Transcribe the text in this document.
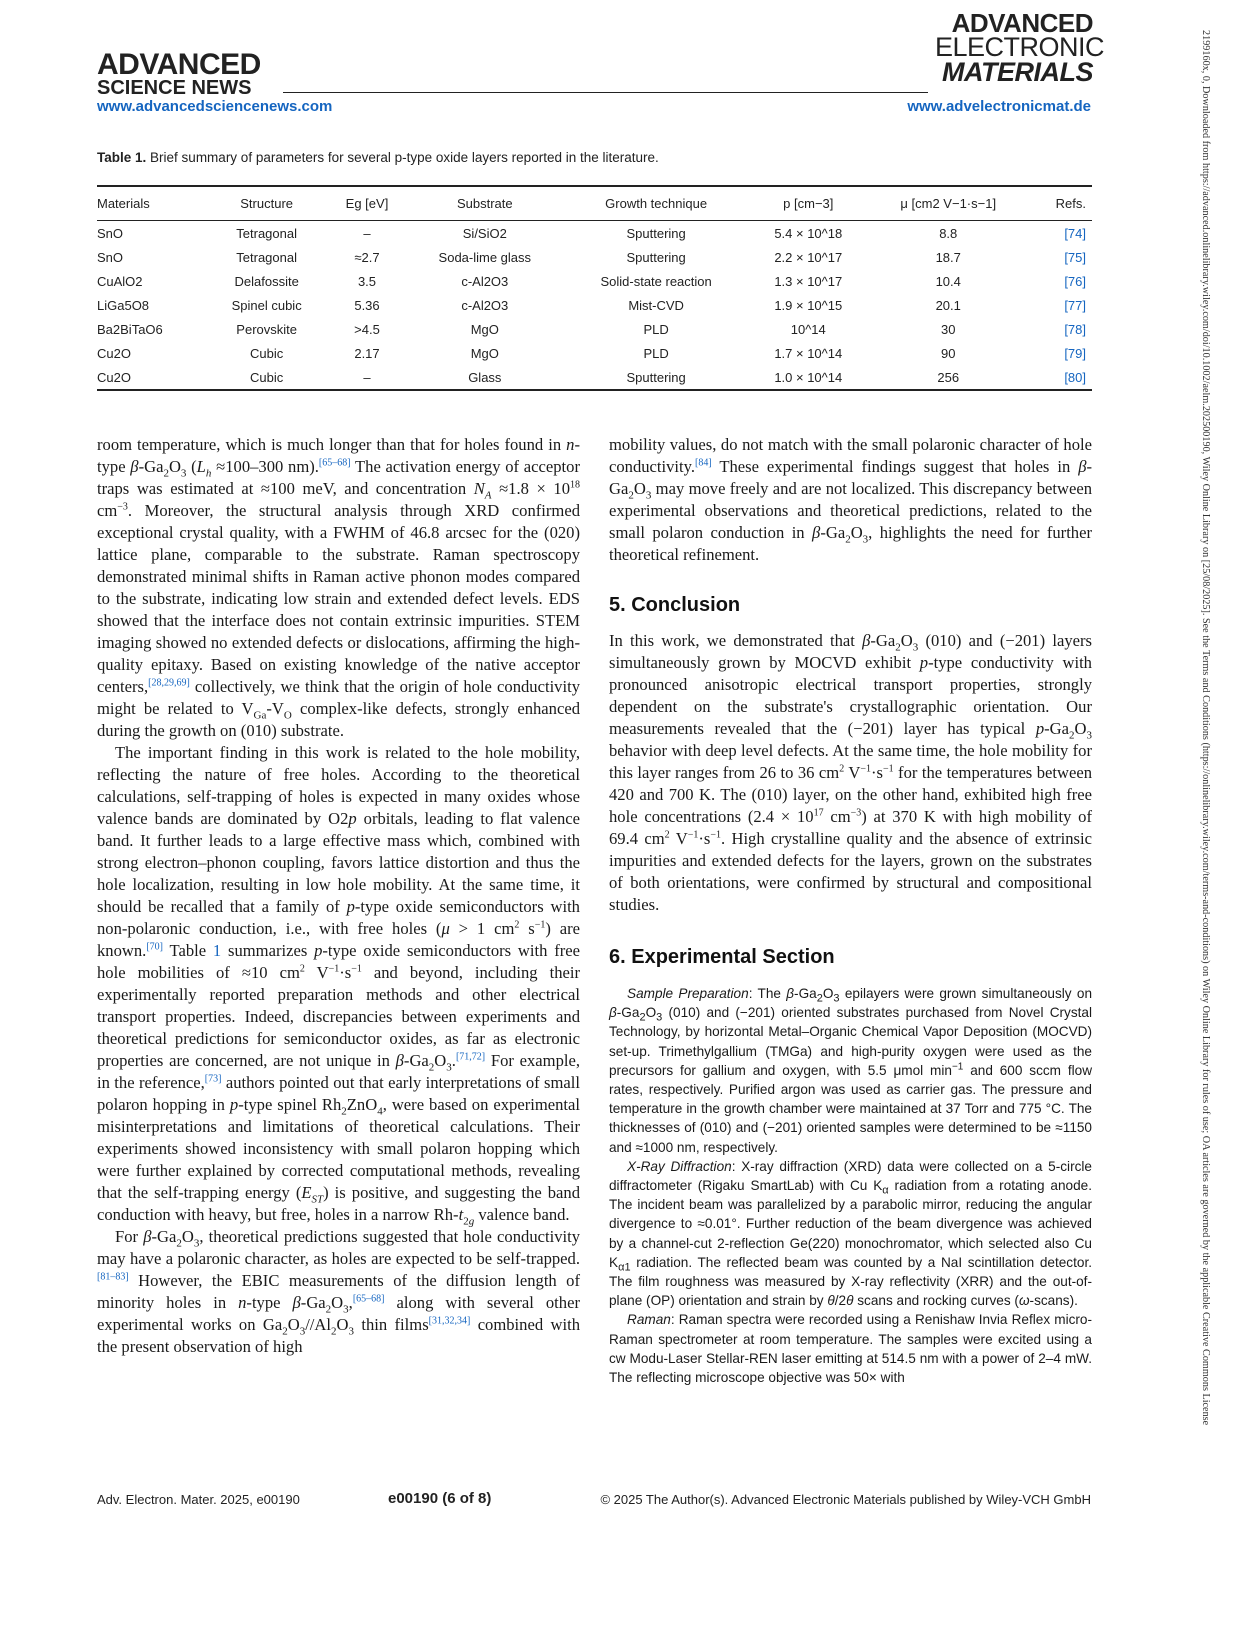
ADVANCED
SCIENCE NEWS
ADVANCED
ELECTRONIC
MATERIALS
www.advancedsciencenews.com	www.advelectronicmat.de	2199160x, 0, Downloaded from https://advanced.onlinelibrary.wiley.com/doi/10.1002/aelm.202500190, Wiley Online Library on [25/08/2025]. See the Terms and Conditions (https://onlinelibrary.wiley.com/terms-and-conditions) on Wiley Online Library for rules of use; OA articles are governed by the applicable Creative Commons License
Table 1. Brief summary of parameters for several p-type oxide layers reported in the literature.
Materials	Structure	Eg [eV]	Substrate	Growth technique	p [cm−3]	μ [cm2 V−1·s−1]	Refs.
SnO	Tetragonal	–	Si/SiO2	Sputtering	5.4 × 10^18	8.8	[74]
SnO	Tetragonal	≈2.7	Soda-lime glass	Sputtering	2.2 × 10^17	18.7	[75]
CuAlO2	Delafossite	3.5	c-Al2O3	Solid-state reaction	1.3 × 10^17	10.4	[76]
LiGa5O8	Spinel cubic	5.36	c-Al2O3	Mist-CVD	1.9 × 10^15	20.1	[77]
Ba2BiTaO6	Perovskite	>4.5	MgO	PLD	10^14	30	[78]
Cu2O	Cubic	2.17	MgO	PLD	1.7 × 10^14	90	[79]
Cu2O	Cubic	–	Glass	Sputtering	1.0 × 10^14	256	[80]

room temperature, which is much longer than that for holes found in n-type $\beta-Ga_2O_3$ ($L_h \approx 100-300$ nm).[65–68] The activation energy of acceptor traps was estimated at ≈100 meV, and concentration $N_A \approx 1.8 \times 10^{18}$ $cm^{-3}$. Moreover, the structural analysis through XRD confirmed exceptional crystal quality, with a FWHM of 46.8 arcsec for the (020) lattice plane, comparable to the substrate. Raman spectroscopy demonstrated minimal shifts in Raman active phonon modes compared to the substrate, indicating low strain and extended defect levels. EDS showed that the interface does not contain extrinsic impurities. STEM imaging showed no extended defects or dislocations, affirming the high-quality epitaxy. Based on existing knowledge of the native acceptor centers,[28,29,69] collectively, we think that the origin of hole conductivity might be related to $V_{Ga}-V_O$ complex-like defects, strongly enhanced during the growth on (010) substrate.

The important finding in this work is related to the hole mobility, reflecting the nature of free holes. According to the theoretical calculations, self-trapping of holes is expected in many oxides whose valence bands are dominated by O2p orbitals, leading to flat valence band. It further leads to a large effective mass which, combined with strong electron–phonon coupling, favors lattice distortion and thus the hole localization, resulting in low hole mobility. At the same time, it should be recalled that a family of p-type oxide semiconductors with non-polaronic conduction, i.e., with free holes (μ > 1 $cm^2$ $s^{-1}$) are known.[70] Table 1 summarizes p-type oxide semiconductors with free hole mobilities of ≈10 $cm^2$ $V^{-1}\cdot s^{-1}$ and beyond, including their experimentally reported preparation methods and other electrical transport properties. Indeed, discrepancies between experiments and theoretical predictions for semiconductor oxides, as far as electronic properties are concerned, are not unique in $\beta-Ga_2O_3.[71,72]$ For example, in the reference,[73] authors pointed out that early interpretations of small polaron hopping in p-type spinel $Rh_2ZnO_4$, were based on experimental misinterpretations and limitations of theoretical calculations. Their experiments showed inconsistency with small polaron hopping which were further explained by corrected computational methods, revealing that the self-trapping energy $(E_{ST})$ is positive, and suggesting the band conduction with heavy, but free, holes in a narrow $Rh-t_{2g}$ valence band.

For $\beta-Ga_2O_3$, theoretical predictions suggested that hole conductivity may have a polaronic character, as holes are expected to be self-trapped.[81–83] However, the EBIC measurements of the diffusion length of minority holes in n-type $\beta-Ga_2O_3,[65-68]$ along with several other experimental works on $Ga_2O_3//Al_2O_3$ thin films[31,32,34] combined with the present observation of high

mobility values, do not match with the small polaronic character of hole conductivity.[84] These experimental findings suggest that holes in $\beta-Ga_2O_3$ may move freely and are not localized. This discrepancy between experimental observations and theoretical predictions, related to the small polaron conduction in $\beta-Ga_2O_3$, highlights the need for further theoretical refinement.

5. Conclusion

In this work, we demonstrated that $\beta-Ga_2O_3$ (010) and (−201) layers simultaneously grown by MOCVD exhibit p-type conductivity with pronounced anisotropic electrical transport properties, strongly dependent on the substrate's crystallographic orientation. Our measurements revealed that the (−201) layer has typical $p-Ga_2O_3$ behavior with deep level defects. At the same time, the hole mobility for this layer ranges from 26 to 36 $cm^2$ $V^{-1}\cdot s^{-1}$ for the temperatures between 420 and 700 K. The (010) layer, on the other hand, exhibited high free hole concentrations ($2.4 \times 10^{17}$ $cm^{-3}$) at 370 K with high mobility of 69.4 $cm^2$ $V^{-1}\cdot s^{-1}$. High crystalline quality and the absence of extrinsic impurities and extended defects for the layers, grown on the substrates of both orientations, were confirmed by structural and compositional studies.

6. Experimental Section

Sample Preparation: The $\beta-Ga_2O_3$ epilayers were grown simultaneously on $\beta-Ga_2O_3$ (010) and (−201) oriented substrates purchased from Novel Crystal Technology, by horizontal Metal–Organic Chemical Vapor Deposition (MOCVD) set-up. Trimethylgallium (TMGa) and high-purity oxygen were used as the precursors for gallium and oxygen, with 5.5 μmol $\min^{-1}$ and 600 sccm flow rates, respectively. Purified argon was used as carrier gas. The pressure and temperature in the growth chamber were maintained at 37 Torr and 775 °C. The thicknesses of (010) and (−201) oriented samples were determined to be ≈1150 and ≈1000 nm, respectively.

X-Ray Diffraction: X-ray diffraction (XRD) data were collected on a 5-circle diffractometer (Rigaku SmartLab) with Cu $K_\alpha$ radiation from a rotating anode. The incident beam was parallelized by a parabolic mirror, reducing the angular divergence to ≈0.01°. Further reduction of the beam divergence was achieved by a channel-cut 2-reflection Ge(220) monochromator, which selected also Cu $K_{\alpha 1}$ radiation. The reflected beam was counted by a NaI scintillation detector. The film roughness was measured by X-ray reflectivity (XRR) and the out-of-plane (OP) orientation and strain by θ/2θ scans and rocking curves (ω-scans).

Raman: Raman spectra were recorded using a Renishaw Invia Reflex micro-Raman spectrometer at room temperature. The samples were excited using a cw Modu-Laser Stellar-REN laser emitting at 514.5 nm with a power of 2–4 mW. The reflecting microscope objective was 50× with

Adv. Electron. Mater. 2025, e00190	e00190 (6 of 8)	© 2025 The Author(s). Advanced Electronic Materials published by Wiley-VCH GmbH
